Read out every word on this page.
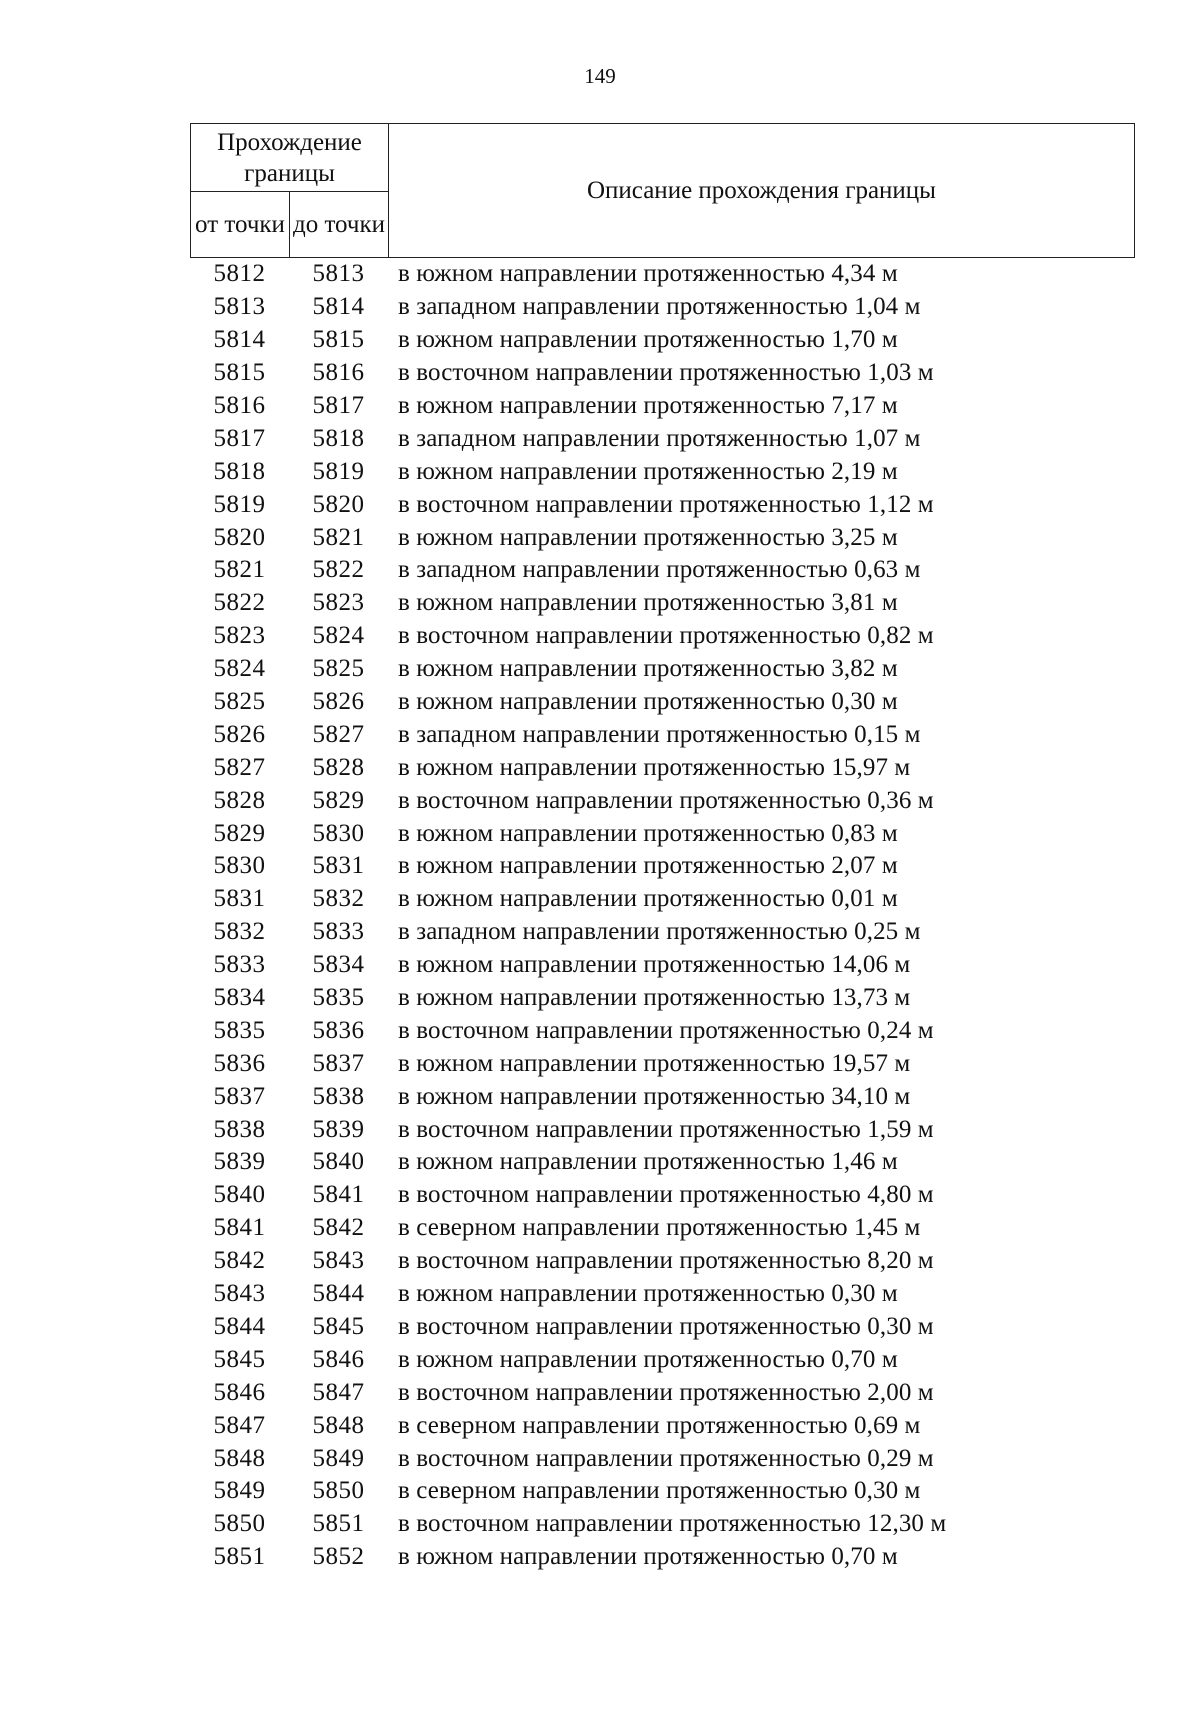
149
Прохождение границы		Описание прохождения границы
от точки	до точки	
5812	5813	в южном направлении протяженностью 4,34 м
5813	5814	в западном направлении протяженностью 1,04 м
5814	5815	в южном направлении протяженностью 1,70 м
5815	5816	в восточном направлении протяженностью 1,03 м
5816	5817	в южном направлении протяженностью 7,17 м
5817	5818	в западном направлении протяженностью 1,07 м
5818	5819	в южном направлении протяженностью 2,19 м
5819	5820	в восточном направлении протяженностью 1,12 м
5820	5821	в южном направлении протяженностью 3,25 м
5821	5822	в западном направлении протяженностью 0,63 м
5822	5823	в южном направлении протяженностью 3,81 м
5823	5824	в восточном направлении протяженностью 0,82 м
5824	5825	в южном направлении протяженностью 3,82 м
5825	5826	в южном направлении протяженностью 0,30 м
5826	5827	в западном направлении протяженностью 0,15 м
5827	5828	в южном направлении протяженностью 15,97 м
5828	5829	в восточном направлении протяженностью 0,36 м
5829	5830	в южном направлении протяженностью 0,83 м
5830	5831	в южном направлении протяженностью 2,07 м
5831	5832	в южном направлении протяженностью 0,01 м
5832	5833	в западном направлении протяженностью 0,25 м
5833	5834	в южном направлении протяженностью 14,06 м
5834	5835	в южном направлении протяженностью 13,73 м
5835	5836	в восточном направлении протяженностью 0,24 м
5836	5837	в южном направлении протяженностью 19,57 м
5837	5838	в южном направлении протяженностью 34,10 м
5838	5839	в восточном направлении протяженностью 1,59 м
5839	5840	в южном направлении протяженностью 1,46 м
5840	5841	в восточном направлении протяженностью 4,80 м
5841	5842	в северном направлении протяженностью 1,45 м
5842	5843	в восточном направлении протяженностью 8,20 м
5843	5844	в южном направлении протяженностью 0,30 м
5844	5845	в восточном направлении протяженностью 0,30 м
5845	5846	в южном направлении протяженностью 0,70 м
5846	5847	в восточном направлении протяженностью 2,00 м
5847	5848	в северном направлении протяженностью 0,69 м
5848	5849	в восточном направлении протяженностью 0,29 м
5849	5850	в северном направлении протяженностью 0,30 м
5850	5851	в восточном направлении протяженностью 12,30 м
5851	5852	в южном направлении протяженностью 0,70 м
